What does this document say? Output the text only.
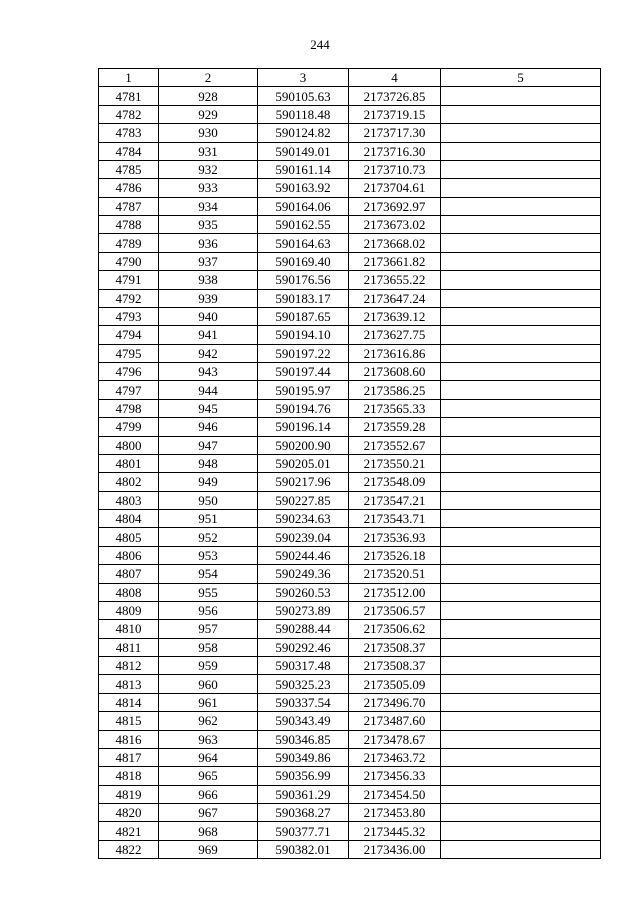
244
1	2	3	4	5
4781	928	590105.63	2173726.85	
4782	929	590118.48	2173719.15	
4783	930	590124.82	2173717.30	
4784	931	590149.01	2173716.30	
4785	932	590161.14	2173710.73	
4786	933	590163.92	2173704.61	
4787	934	590164.06	2173692.97	
4788	935	590162.55	2173673.02	
4789	936	590164.63	2173668.02	
4790	937	590169.40	2173661.82	
4791	938	590176.56	2173655.22	
4792	939	590183.17	2173647.24	
4793	940	590187.65	2173639.12	
4794	941	590194.10	2173627.75	
4795	942	590197.22	2173616.86	
4796	943	590197.44	2173608.60	
4797	944	590195.97	2173586.25	
4798	945	590194.76	2173565.33	
4799	946	590196.14	2173559.28	
4800	947	590200.90	2173552.67	
4801	948	590205.01	2173550.21	
4802	949	590217.96	2173548.09	
4803	950	590227.85	2173547.21	
4804	951	590234.63	2173543.71	
4805	952	590239.04	2173536.93	
4806	953	590244.46	2173526.18	
4807	954	590249.36	2173520.51	
4808	955	590260.53	2173512.00	
4809	956	590273.89	2173506.57	
4810	957	590288.44	2173506.62	
4811	958	590292.46	2173508.37	
4812	959	590317.48	2173508.37	
4813	960	590325.23	2173505.09	
4814	961	590337.54	2173496.70	
4815	962	590343.49	2173487.60	
4816	963	590346.85	2173478.67	
4817	964	590349.86	2173463.72	
4818	965	590356.99	2173456.33	
4819	966	590361.29	2173454.50	
4820	967	590368.27	2173453.80	
4821	968	590377.71	2173445.32	
4822	969	590382.01	2173436.00	
